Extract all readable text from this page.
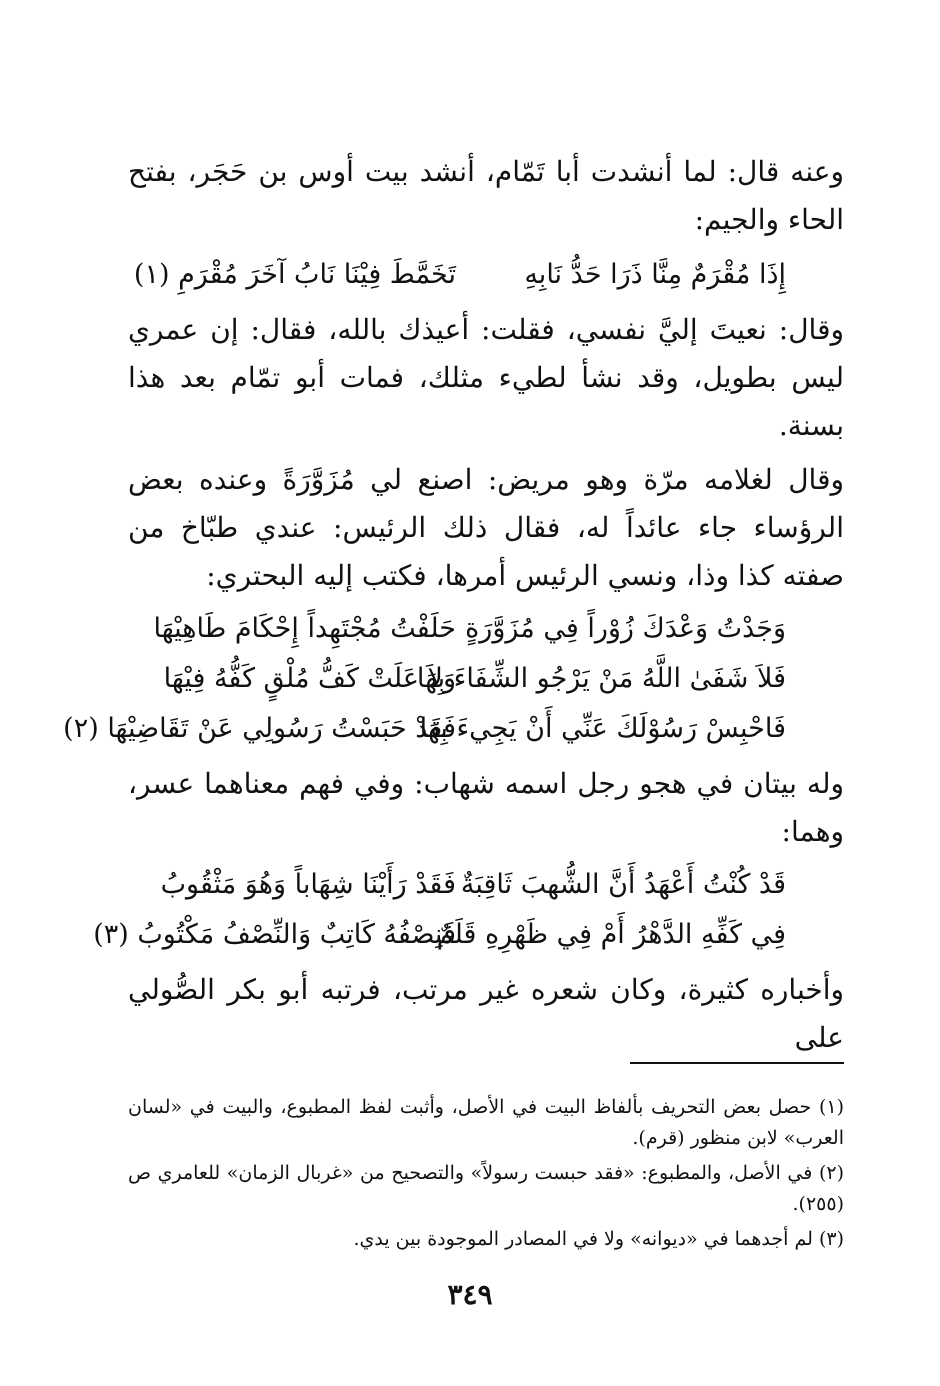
وعنه قال: لما أنشدت أبا تَمّام، أنشد بيت أوس بن حَجَر، بفتح الحاء والجيم:

إِذَا مُقْرَمٌ مِنَّا ذَرَا حَدُّ نَابِهِ
تَخَمَّطَ فِيْنَا نَابُ آخَرَ مُقْرَمِ (١)

وقال: نعيتَ إليَّ نفسي، فقلت: أعيذك بالله، فقال: إن عمري ليس بطويل، وقد نشأ لطيء مثلك، فمات أبو تمّام بعد هذا بسنة.

وقال لغلامه مرّة وهو مريض: اصنع لي مُزَوَّرَةً وعنده بعض الرؤساء جاء عائداً له، فقال ذلك الرئيس: عندي طبّاخ من صفته كذا وذا، ونسي الرئيس أمرها، فكتب إليه البحتري:

وَجَدْتُ وَعْدَكَ زُوْراً فِي مُزَوَّرَةٍ
حَلَفْتُ مُجْتَهِداً إِحْكَامَ طَاهِيْهَا
فَلاَ شَفَىٰ اللَّهُ مَنْ يَرْجُو الشِّفَاءَ بِهَا
وَلاَ عَلَتْ كَفُّ مُلْقٍ كَفُّهُ فِيْهَا
فَاحْبِسْ رَسُوْلَكَ عَنِّي أَنْ يَجِيءَ بِهَا
فَقَدْ حَبَسْتُ رَسُولِي عَنْ تَقَاضِيْهَا (٢)

وله بيتان في هجو رجل اسمه شهاب: وفي فهم معناهما عسر، وهما:

قَدْ كُنْتُ أَعْهَدُ أَنَّ الشُّهبَ ثَاقِبَةٌ
فَقَدْ رَأَيْنَا شِهَاباً وَهُوَ مَثْقُوبُ
فِي كَفِّهِ الدَّهْرُ أَمْ فِي ظَهْرِهِ قَلَمٌ
فَنِصْفُهُ كَاتِبٌ وَالنِّصْفُ مَكْتُوبُ (٣)

وأخباره كثيرة، وكان شعره غير مرتب، فرتبه أبو بكر الصُّولي على

(١) حصل بعض التحريف بألفاظ البيت في الأصل، وأثبت لفظ المطبوع، والبيت في «لسان العرب» لابن منظور (قرم).

(٢) في الأصل، والمطبوع: «فقد حبست رسولاً» والتصحيح من «غربال الزمان» للعامري ص (٢٥٥).

(٣) لم أجدهما في «ديوانه» ولا في المصادر الموجودة بين يدي.

٣٤٩
